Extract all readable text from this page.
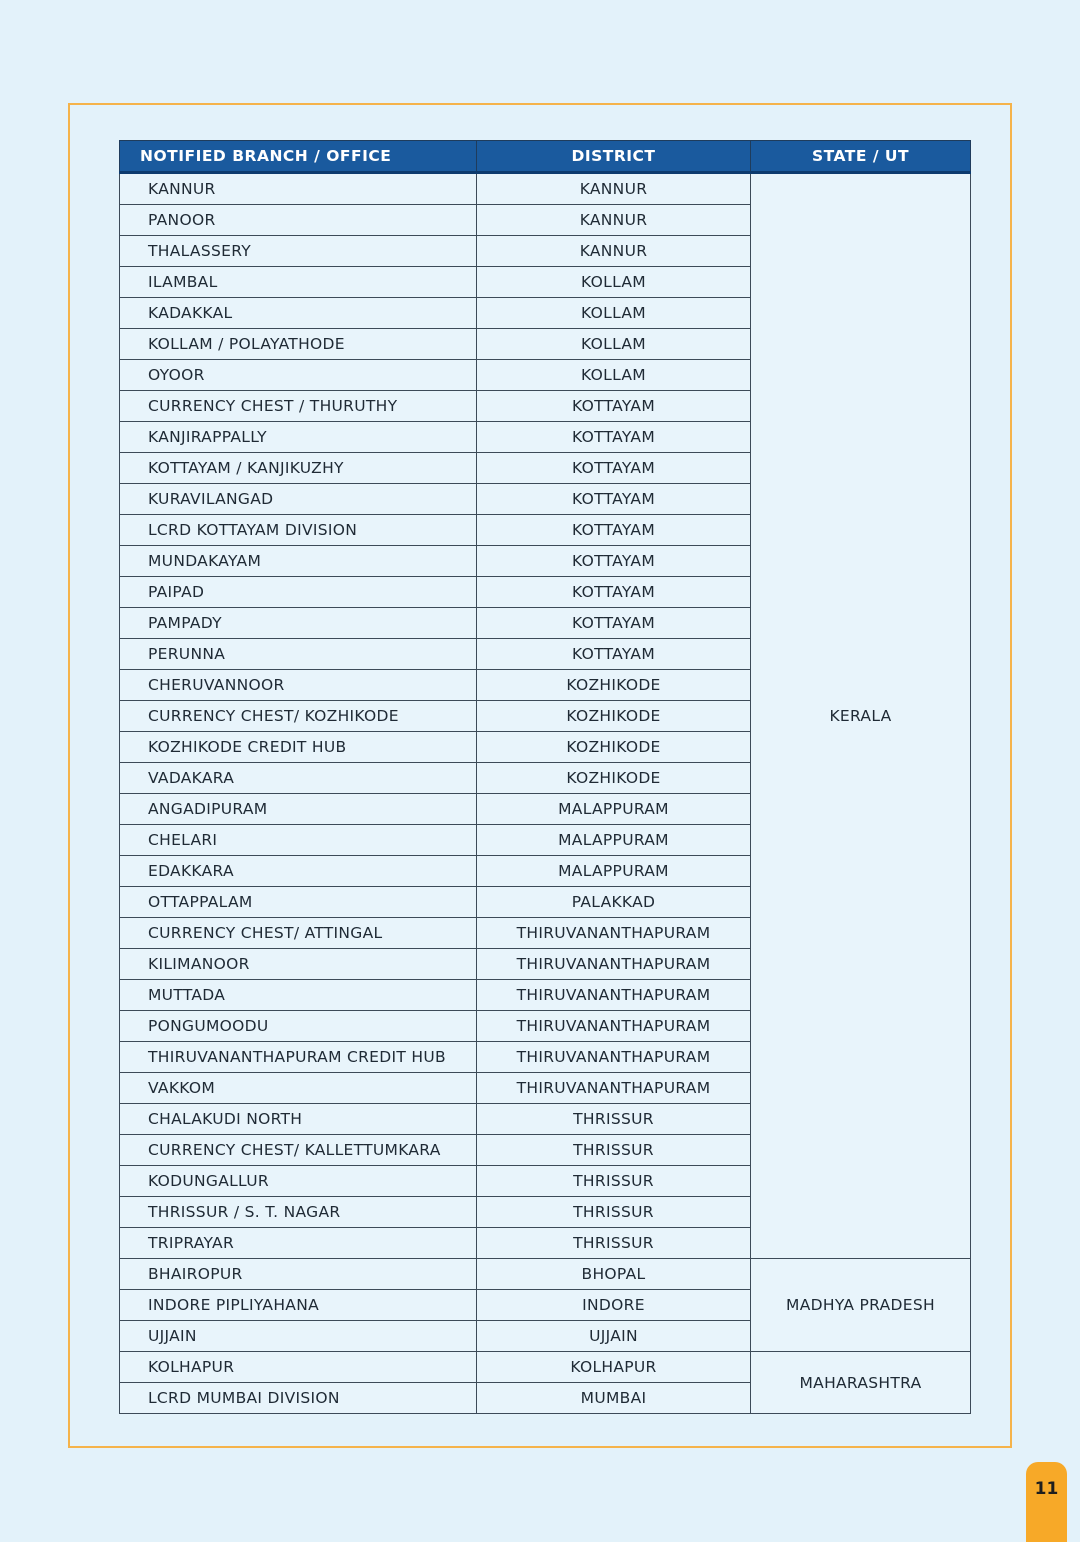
NOTIFIED BRANCH / OFFICE	DISTRICT	STATE / UT
KANNUR	KANNUR	KERALA
PANOOR	KANNUR	
THALASSERY	KANNUR	
ILAMBAL	KOLLAM	
KADAKKAL	KOLLAM	
KOLLAM / POLAYATHODE	KOLLAM	
OYOOR	KOLLAM	
CURRENCY CHEST / THURUTHY	KOTTAYAM	
KANJIRAPPALLY	KOTTAYAM	
KOTTAYAM / KANJIKUZHY	KOTTAYAM	
KURAVILANGAD	KOTTAYAM	
LCRD KOTTAYAM DIVISION	KOTTAYAM	
MUNDAKAYAM	KOTTAYAM	
PAIPAD	KOTTAYAM	
PAMPADY	KOTTAYAM	
PERUNNA	KOTTAYAM	
CHERUVANNOOR	KOZHIKODE	
CURRENCY CHEST/ KOZHIKODE	KOZHIKODE	
KOZHIKODE CREDIT HUB	KOZHIKODE	
VADAKARA	KOZHIKODE	
ANGADIPURAM	MALAPPURAM	
CHELARI	MALAPPURAM	
EDAKKARA	MALAPPURAM	
OTTAPPALAM	PALAKKAD	
CURRENCY CHEST/ ATTINGAL	THIRUVANANTHAPURAM	
KILIMANOOR	THIRUVANANTHAPURAM	
MUTTADA	THIRUVANANTHAPURAM	
PONGUMOODU	THIRUVANANTHAPURAM	
THIRUVANANTHAPURAM CREDIT HUB	THIRUVANANTHAPURAM	
VAKKOM	THIRUVANANTHAPURAM	
CHALAKUDI NORTH	THRISSUR	
CURRENCY CHEST/ KALLETTUMKARA	THRISSUR	
KODUNGALLUR	THRISSUR	
THRISSUR / S. T. NAGAR	THRISSUR	
TRIPRAYAR	THRISSUR	
BHAIROPUR	BHOPAL	MADHYA PRADESH
INDORE PIPLIYAHANA	INDORE	
UJJAIN	UJJAIN	
KOLHAPUR	KOLHAPUR	MAHARASHTRA
LCRD MUMBAI DIVISION	MUMBAI	
11
